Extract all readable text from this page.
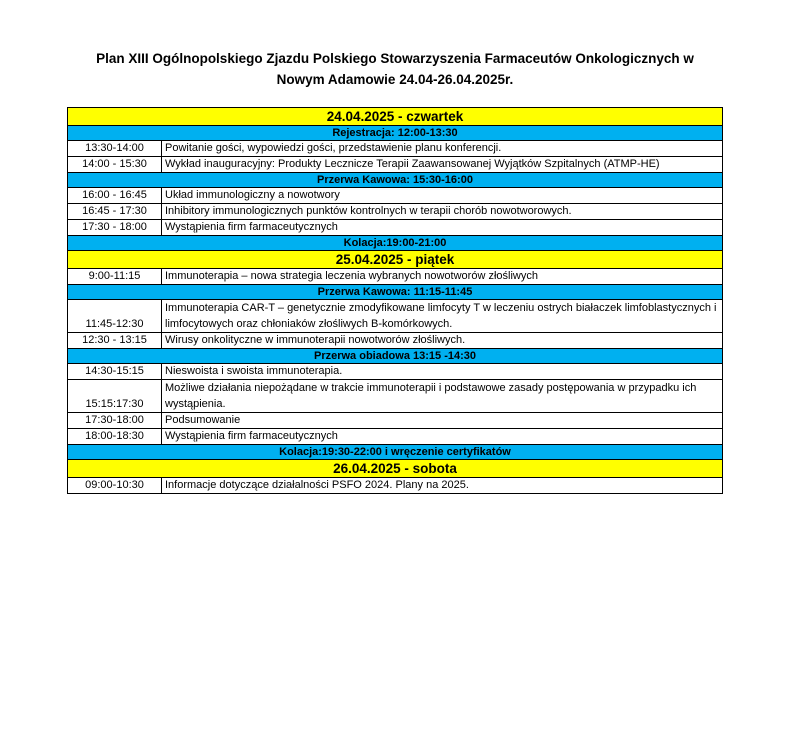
Plan XIII Ogólnopolskiego Zjazdu Polskiego Stowarzyszenia Farmaceutów Onkologicznych w
Nowym Adamowie 24.04-26.04.2025r.
24.04.2025 - czwartek	
Rejestracja: 12:00-13:30	
13:30-14:00	Powitanie gości, wypowiedzi gości, przedstawienie planu konferencji.
14:00 - 15:30	Wykład inauguracyjny: Produkty Lecznicze Terapii Zaawansowanej Wyjątków Szpitalnych (ATMP-HE)
Przerwa Kawowa: 15:30-16:00	
16:00 - 16:45	Układ immunologiczny a nowotwory
16:45 - 17:30	Inhibitory immunologicznych punktów kontrolnych w terapii chorób nowotworowych.
17:30 - 18:00	Wystąpienia firm farmaceutycznych
Kolacja:19:00-21:00	
25.04.2025 - piątek	
9:00-11:15	Immunoterapia – nowa strategia leczenia wybranych nowotworów złośliwych
Przerwa Kawowa: 11:15-11:45	
11:45-12:30	Immunoterapia CAR-T – genetycznie zmodyfikowane limfocyty T w leczeniu ostrych białaczek limfoblastycznych i limfocytowych oraz chłoniaków złośliwych B-komórkowych.
12:30 - 13:15	Wirusy onkolityczne w immunoterapii nowotworów złośliwych.
Przerwa obiadowa 13:15 -14:30	
14:30-15:15	Nieswoista i swoista immunoterapia.
15:15:17:30	Możliwe działania niepożądane w trakcie immunoterapii i podstawowe zasady postępowania w przypadku ich wystąpienia.
17:30-18:00	Podsumowanie
18:00-18:30	Wystąpienia firm farmaceutycznych
Kolacja:19:30-22:00 i wręczenie certyfikatów	
26.04.2025 - sobota	
09:00-10:30	Informacje dotyczące działalności PSFO 2024. Plany na 2025.
